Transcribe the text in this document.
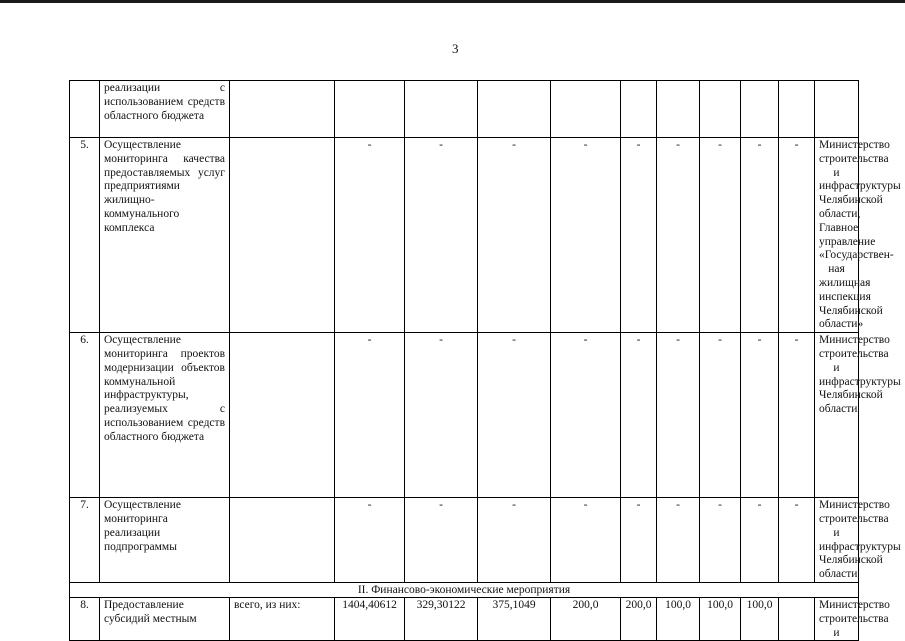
3
	реализации с использованием средств областного бюджета											
5.	Осуществление мониторинга качества предоставляемых услуг предприятиями жилищно-коммунального комплекса		-	-	-	-	-	-	-	-	-	Министерство строительства и инфраструктуры Челябинской области, Главное управление «Государствен-ная жилищная инспекция Челябинской области»
6.	Осуществление мониторинга проектов модернизации объектов коммунальной инфраструктуры, реализуемых с использованием средств областного бюджета		-	-	-	-	-	-	-	-	-	Министерство строительства и инфраструктуры Челябинской области
7.	Осуществление мониторинга реализации подпрограммы		-	-	-	-	-	-	-	-	-	Министерство строительства и инфраструктуры Челябинской области
II. Финансово-экономические мероприятия												
8.	Предоставление субсидий местным	всего, из них:	1404,40612	329,30122	375,1049	200,0	200,0	100,0	100,0	100,0		Министерство строительства и
